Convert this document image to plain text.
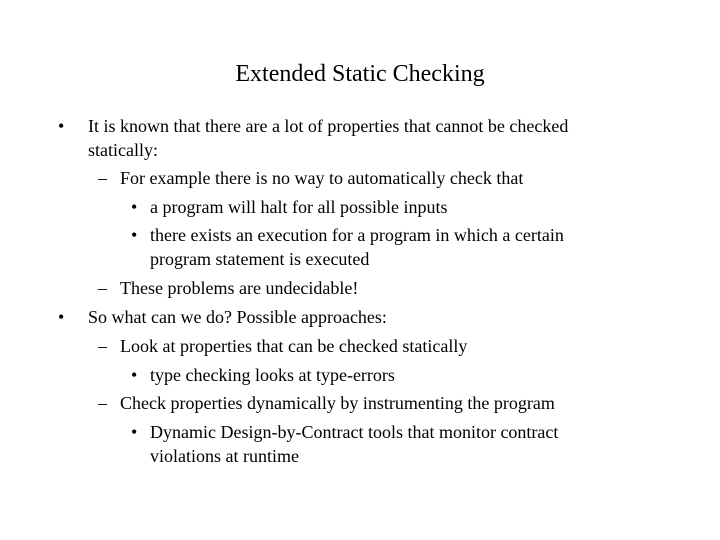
Extended Static Checking
• It is known that there are a lot of properties that cannot be checked
statically:
– For example there is no way to automatically check that
• a program will halt for all possible inputs
• there exists an execution for a program in which a certain
program statement is executed
– These problems are undecidable!
• So what can we do? Possible approaches:
– Look at properties that can be checked statically
• type checking looks at type-errors
– Check properties dynamically by instrumenting the program
• Dynamic Design-by-Contract tools that monitor contract
violations at runtime
